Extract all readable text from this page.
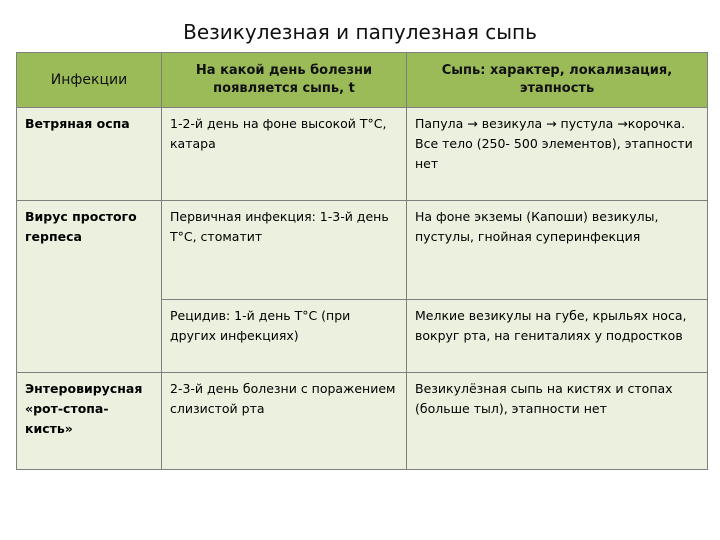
Везикулезная и папулезная сыпь
Инфекции	На какой день болезни появляется сыпь, t	Сыпь: характер, локализация, этапность
Ветряная оспа	1-2-й день на фоне высокой Т°С, катара	Папула → везикула → пустула →корочка. Все тело (250- 500 элементов), этапности нет
Вирус простого герпеса	Первичная инфекция: 1-3-й день Т°С, стоматит	На фоне экземы (Капоши) везикулы, пустулы, гнойная суперинфекция
	Рецидив: 1-й день Т°С (при других инфекциях)	Мелкие везикулы на губе, крыльях носа, вокруг рта, на гениталиях у подростков
Энтеровирусная «рот-стопа-кисть»	2-3-й день болезни с поражением слизистой рта	Везикулёзная сыпь на кистях и стопах (больше тыл), этапности нет
